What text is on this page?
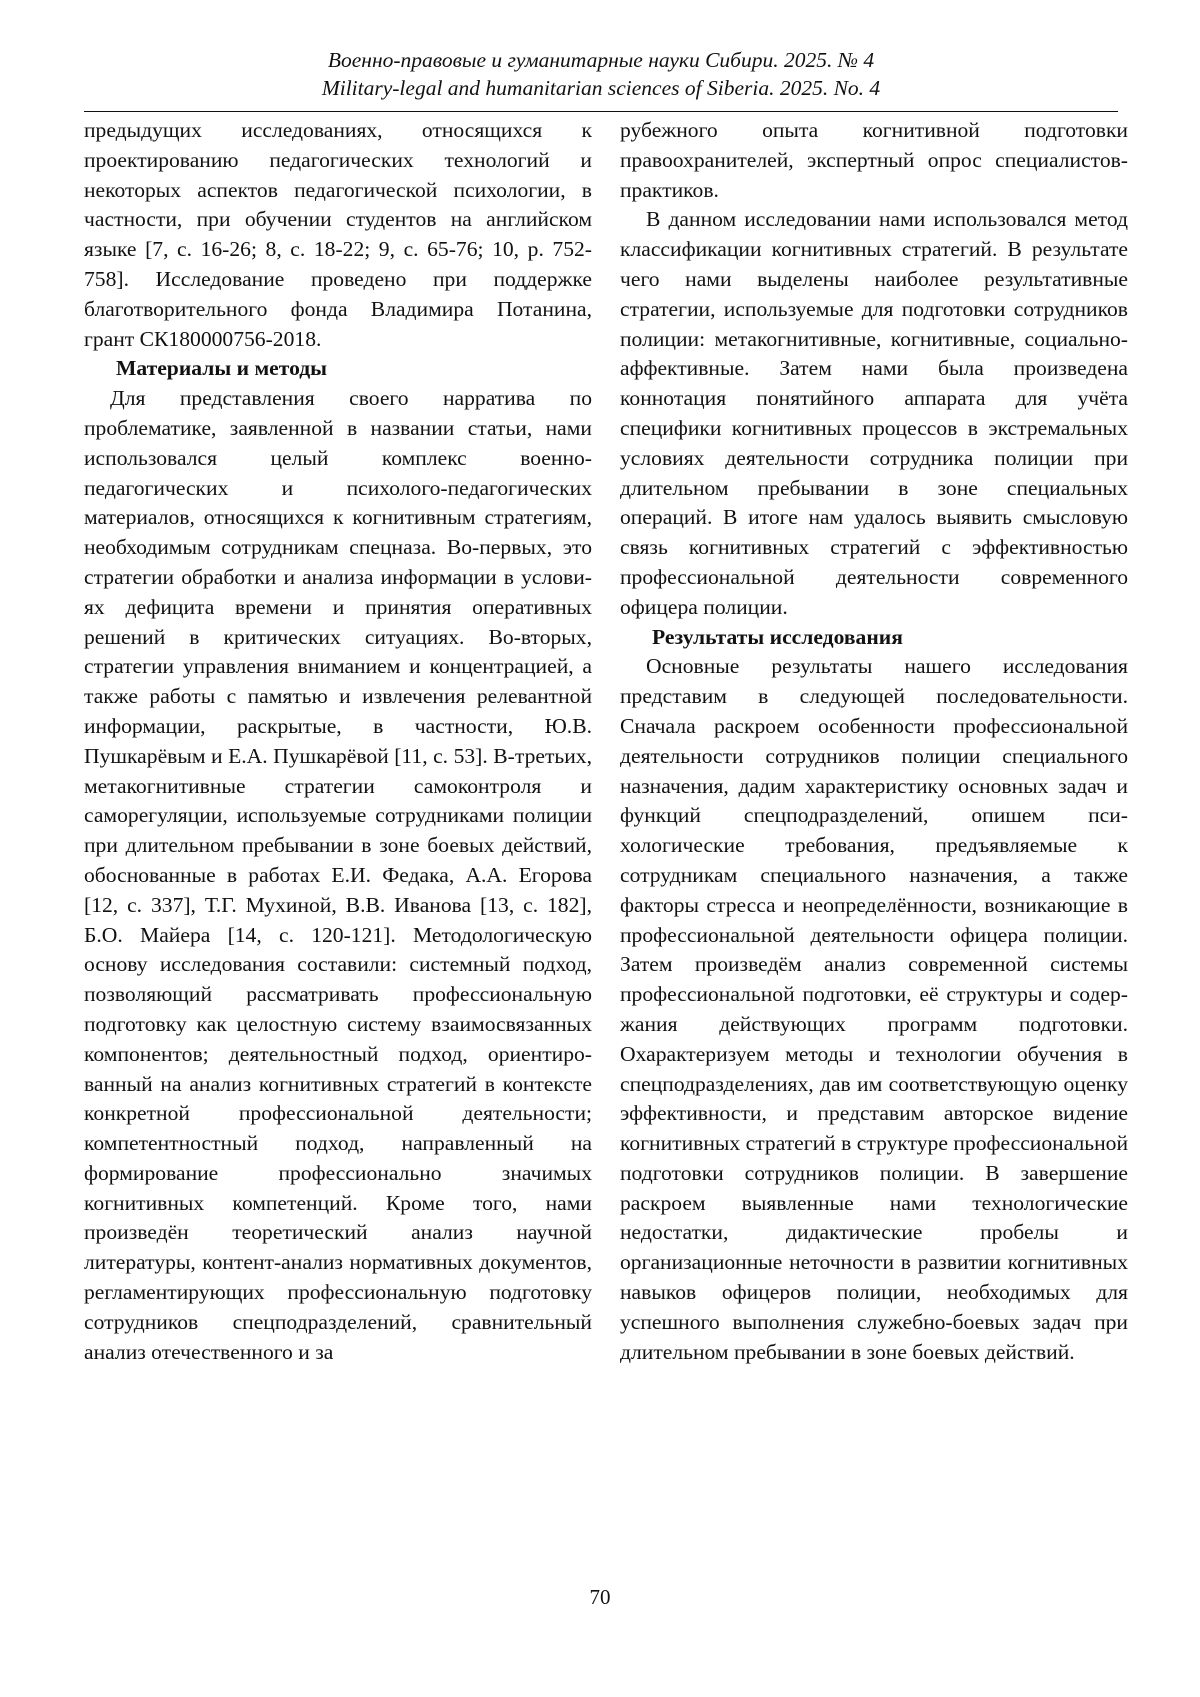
Военно-правовые и гуманитарные науки Сибири. 2025. № 4
Military-legal and humanitarian sciences of Siberia. 2025. No. 4

предыдущих исследованиях, относящихся к проектированию педагогических технологий и некоторых аспектов педагогической психологии, в частности, при обучении студентов на английском языке [7, с. 16-26; 8, с. 18-22; 9, с. 65-76; 10, р. 752-758]. Исследование проведено при поддержке благотворительного фонда Владимира Потанина, грант СК180000756-2018.

Материалы и методы

Для представления своего нарратива по проблематике, заявленной в названии статьи, нами использовался целый комплекс военно-педагогических и психолого-педагогических материалов, относящихся к когнитивным стратегиям, необходимым сотрудникам спецназа. Во-первых, это стратегии обработки и анализа информации в условиях дефицита времени и принятия оперативных решений в критических ситуациях. Во-вторых, стратегии управления вниманием и концентрацией, а также работы с памятью и извлечения релевантной информации, раскрытые, в частности, Ю.В. Пушкарёвым и Е.А. Пушкарёвой [11, с. 53]. В-третьих, метакогнитивные стратегии самоконтроля и саморегуляции, используемые сотрудниками полиции при длительном пребывании в зоне боевых действий, обоснованные в работах Е.И. Федака, А.А. Егорова [12, с. 337], Т.Г. Мухиной, В.В. Иванова [13, с. 182], Б.О. Майера [14, с. 120-121]. Методологическую основу исследования составили: системный подход, позволяющий рассматривать профессиональную подготовку как целостную систему взаимосвязанных компонентов; деятельностный подход, ориентированный на анализ когнитивных стратегий в контексте конкретной профессиональной деятельности; компетентностный подход, направленный на формирование профессионально значимых когнитивных компетенций. Кроме того, нами произведён теоретический анализ научной литературы, контент-анализ нормативных документов, регламентирующих профессиональную подготовку сотрудников спецподразделений, сравнительный анализ отечественного и за

рубежного опыта когнитивной подготовки правоохранителей, экспертный опрос специалистов-практиков.

В данном исследовании нами использовался метод классификации когнитивных стратегий. В результате чего нами выделены наиболее результативные стратегии, используемые для подготовки сотрудников полиции: метакогнитивные, когнитивные, социально-аффективные. Затем нами была произведена коннотация понятийного аппарата для учёта специфики когнитивных процессов в экстремальных условиях деятельности сотрудника полиции при длительном пребывании в зоне специальных операций. В итоге нам удалось выявить смысловую связь когнитивных стратегий с эффективностью профессиональной деятельности современного офицера полиции.

Результаты исследования

Основные результаты нашего исследования представим в следующей последовательности. Сначала раскроем особенности профессиональной деятельности сотрудников полиции специального назначения, дадим характеристику основных задач и функций спецподразделений, опишем психологические требования, предъявляемые к сотрудникам специального назначения, а также факторы стресса и неопределённости, возникающие в профессиональной деятельности офицера полиции. Затем произведём анализ современной системы профессиональной подготовки, её структуры и содержания действующих программ подготовки. Охарактеризуем методы и технологии обучения в спецподразделениях, дав им соответствующую оценку эффективности, и представим авторское видение когнитивных стратегий в структуре профессиональной подготовки сотрудников полиции. В завершение раскроем выявленные нами технологические недостатки, дидактические пробелы и организационные неточности в развитии когнитивных навыков офицеров полиции, необходимых для успешного выполнения служебно-боевых задач при длительном пребывании в зоне боевых действий.

70
